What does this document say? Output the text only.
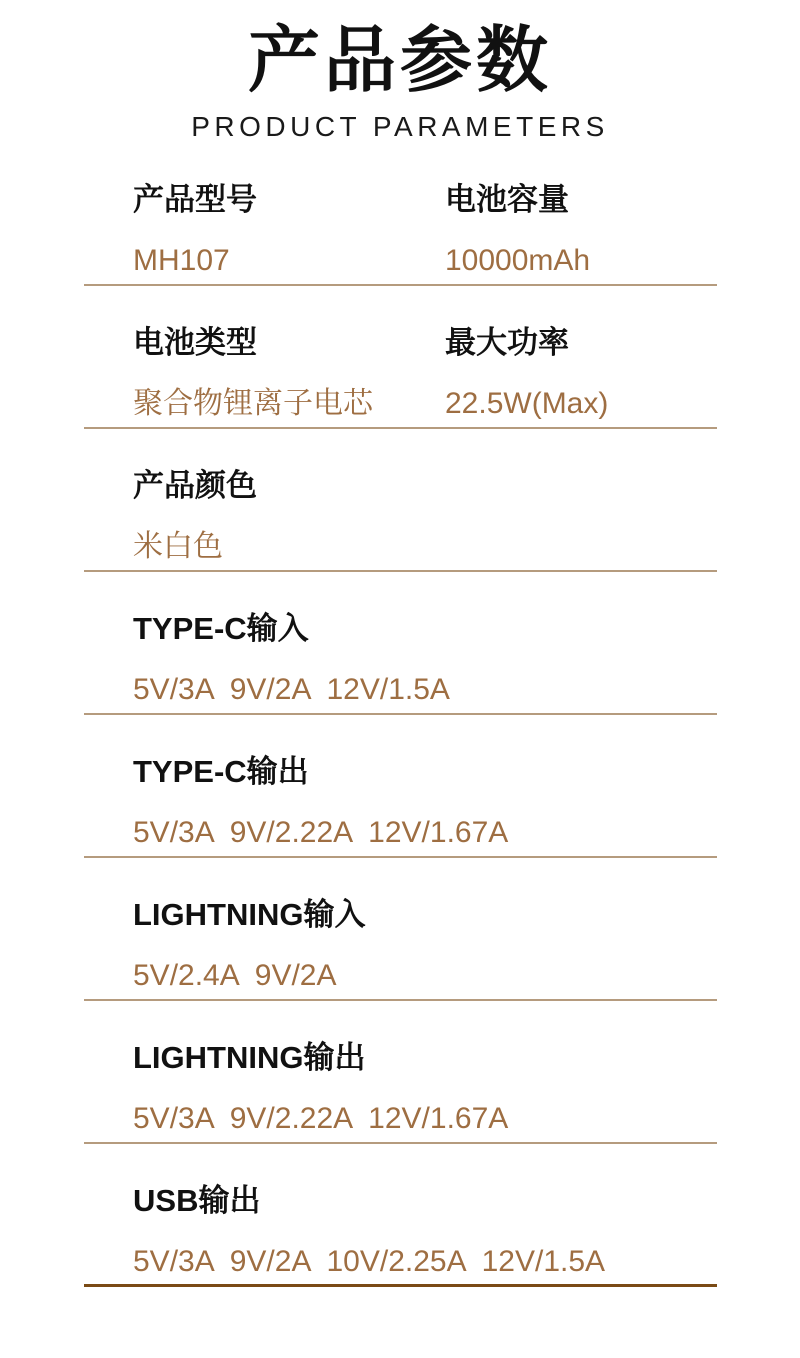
产品参数
PRODUCT PARAMETERS
产品型号
MH107
电池容量
10000mAh
电池类型
聚合物锂离子电芯
最大功率
22.5W(Max)
产品颜色
米白色
TYPE-C输入
5V/3A  9V/2A  12V/1.5A
TYPE-C输出
5V/3A  9V/2.22A  12V/1.67A
LIGHTNING输入
5V/2.4A  9V/2A
LIGHTNING输出
5V/3A  9V/2.22A  12V/1.67A
USB输出
5V/3A  9V/2A  10V/2.25A  12V/1.5A
